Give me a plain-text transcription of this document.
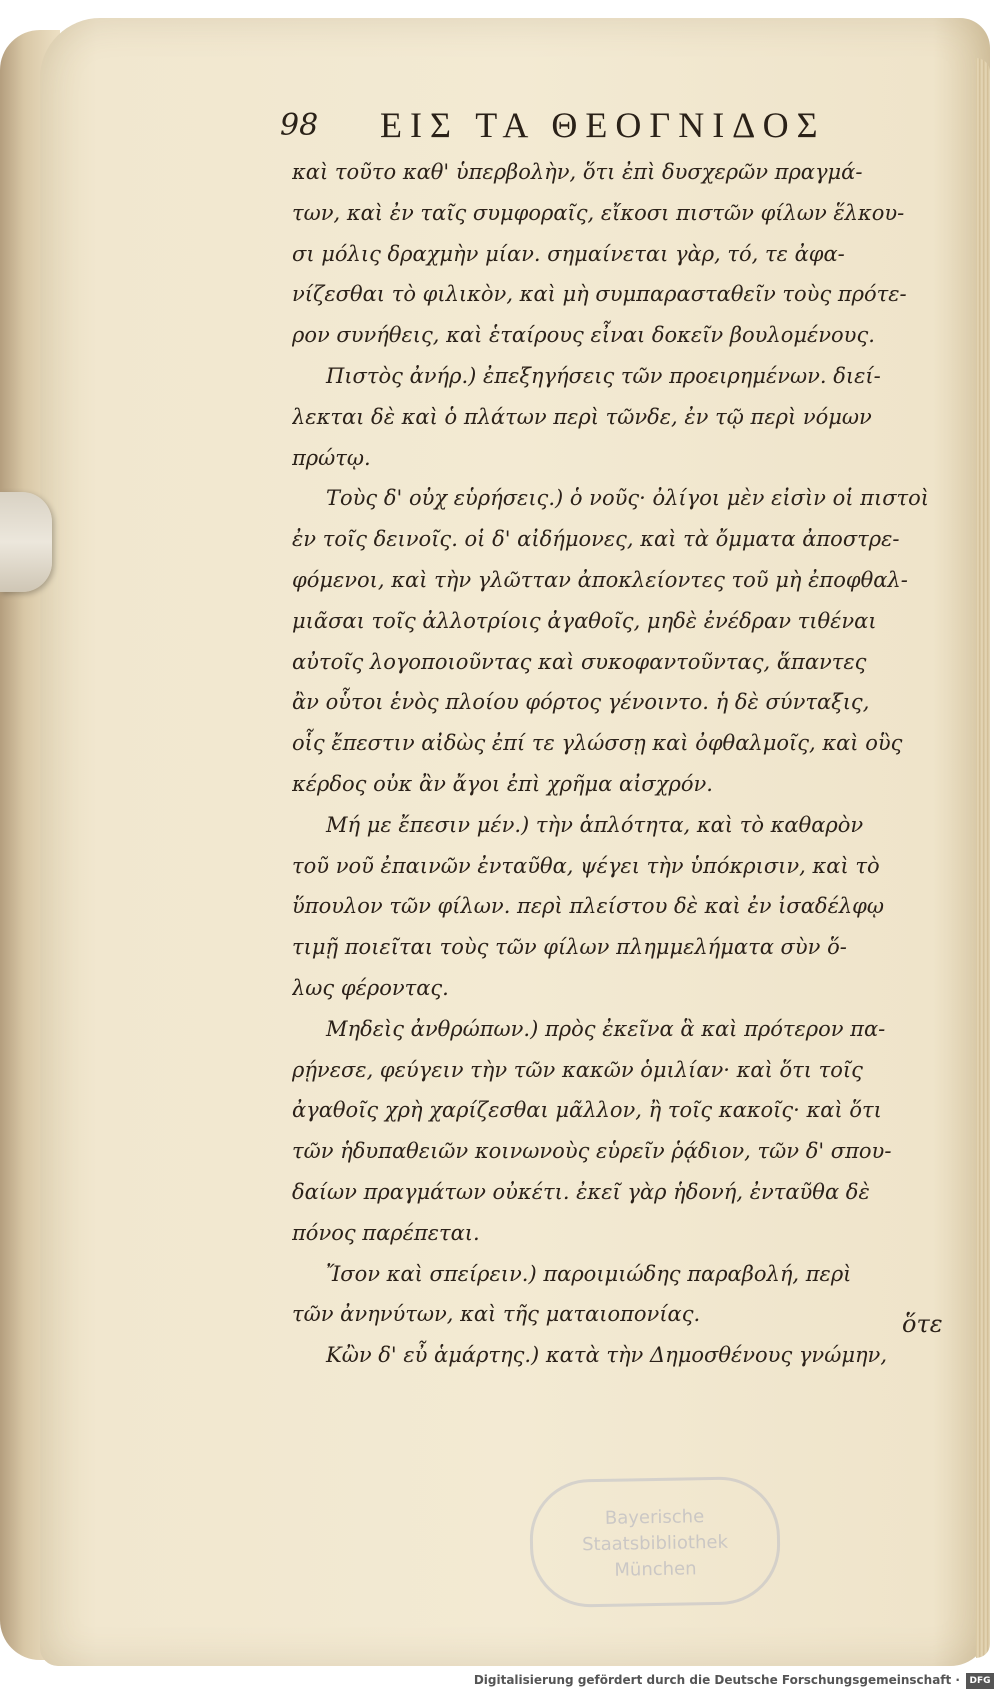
98 ΕΙΣ ΤΑ ΘΕΟΓΝΙΔΟΣ
καὶ τοῦτο καθ' ὑπερβολὴν, ὅτι ἐπὶ δυσχερῶν πραγμά-
των, καὶ ἐν ταῖς συμφοραῖς, εἴκοσι πιστῶν φίλων ἕλκου-
σι μόλις δραχμὴν μίαν. σημαίνεται γὰρ, τό, τε ἀφα-
νίζεσθαι τὸ φιλικὸν, καὶ μὴ συμπαρασταθεῖν τοὺς πρότε-
ρον συνήθεις, καὶ ἑταίρους εἶναι δοκεῖν βουλομένους.
Πιστὸς ἀνήρ.) ἐπεξηγήσεις τῶν προειρημένων. διεί-
λεκται δὲ καὶ ὁ πλάτων περὶ τῶνδε, ἐν τῷ περὶ νόμων
πρώτῳ.
Τοὺς δ' οὐχ εὑρήσεις.) ὁ νοῦς· ὀλίγοι μὲν εἰσὶν οἱ πιστοὶ
ἐν τοῖς δεινοῖς. οἱ δ' αἰδήμονες, καὶ τὰ ὄμματα ἀποστρε-
φόμενοι, καὶ τὴν γλῶτταν ἀποκλείοντες τοῦ μὴ ἐποφθαλ-
μιᾶσαι τοῖς ἀλλοτρίοις ἀγαθοῖς, μηδὲ ἐνέδραν τιθέναι
αὐτοῖς λογοποιοῦντας καὶ συκοφαντοῦντας, ἅπαντες
ἂν οὗτοι ἑνὸς πλοίου φόρτος γένοιντο. ἡ δὲ σύνταξις,
οἷς ἔπεστιν αἰδὼς ἐπί τε γλώσσῃ καὶ ὀφθαλμοῖς, καὶ οὓς
κέρδος οὐκ ἂν ἄγοι ἐπὶ χρῆμα αἰσχρόν.
Μή με ἔπεσιν μέν.) τὴν ἁπλότητα, καὶ τὸ καθαρὸν
τοῦ νοῦ ἐπαινῶν ἐνταῦθα, ψέγει τὴν ὑπόκρισιν, καὶ τὸ
ὕπουλον τῶν φίλων. περὶ πλείστου δὲ καὶ ἐν ἰσαδέλφῳ
τιμῇ ποιεῖται τοὺς τῶν φίλων πλημμελήματα σὺν ὅ-
λως φέροντας.
Μηδεὶς ἀνθρώπων.) πρὸς ἐκεῖνα ἃ καὶ πρότερον πα-
ρῄνεσε, φεύγειν τὴν τῶν κακῶν ὁμιλίαν· καὶ ὅτι τοῖς
ἀγαθοῖς χρὴ χαρίζεσθαι μᾶλλον, ἢ τοῖς κακοῖς· καὶ ὅτι
τῶν ἡδυπαθειῶν κοινωνοὺς εὑρεῖν ῥᾴδιον, τῶν δ' σπου-
δαίων πραγμάτων οὐκέτι. ἐκεῖ γὰρ ἡδονή, ἐνταῦθα δὲ
πόνος παρέπεται.
Ἴσον καὶ σπείρειν.) παροιμιώδης παραβολή, περὶ
τῶν ἀνηνύτων, καὶ τῆς ματαιοπονίας.
Κὢν δ' εὖ ἁμάρτης.) κατὰ τὴν Δημοσθένους γνώμην,
ὅτε
Bayerische
Staatsbibliothek
München
Digitalisierung gefördert durch die Deutsche Forschungsgemeinschaft ·	DFG
